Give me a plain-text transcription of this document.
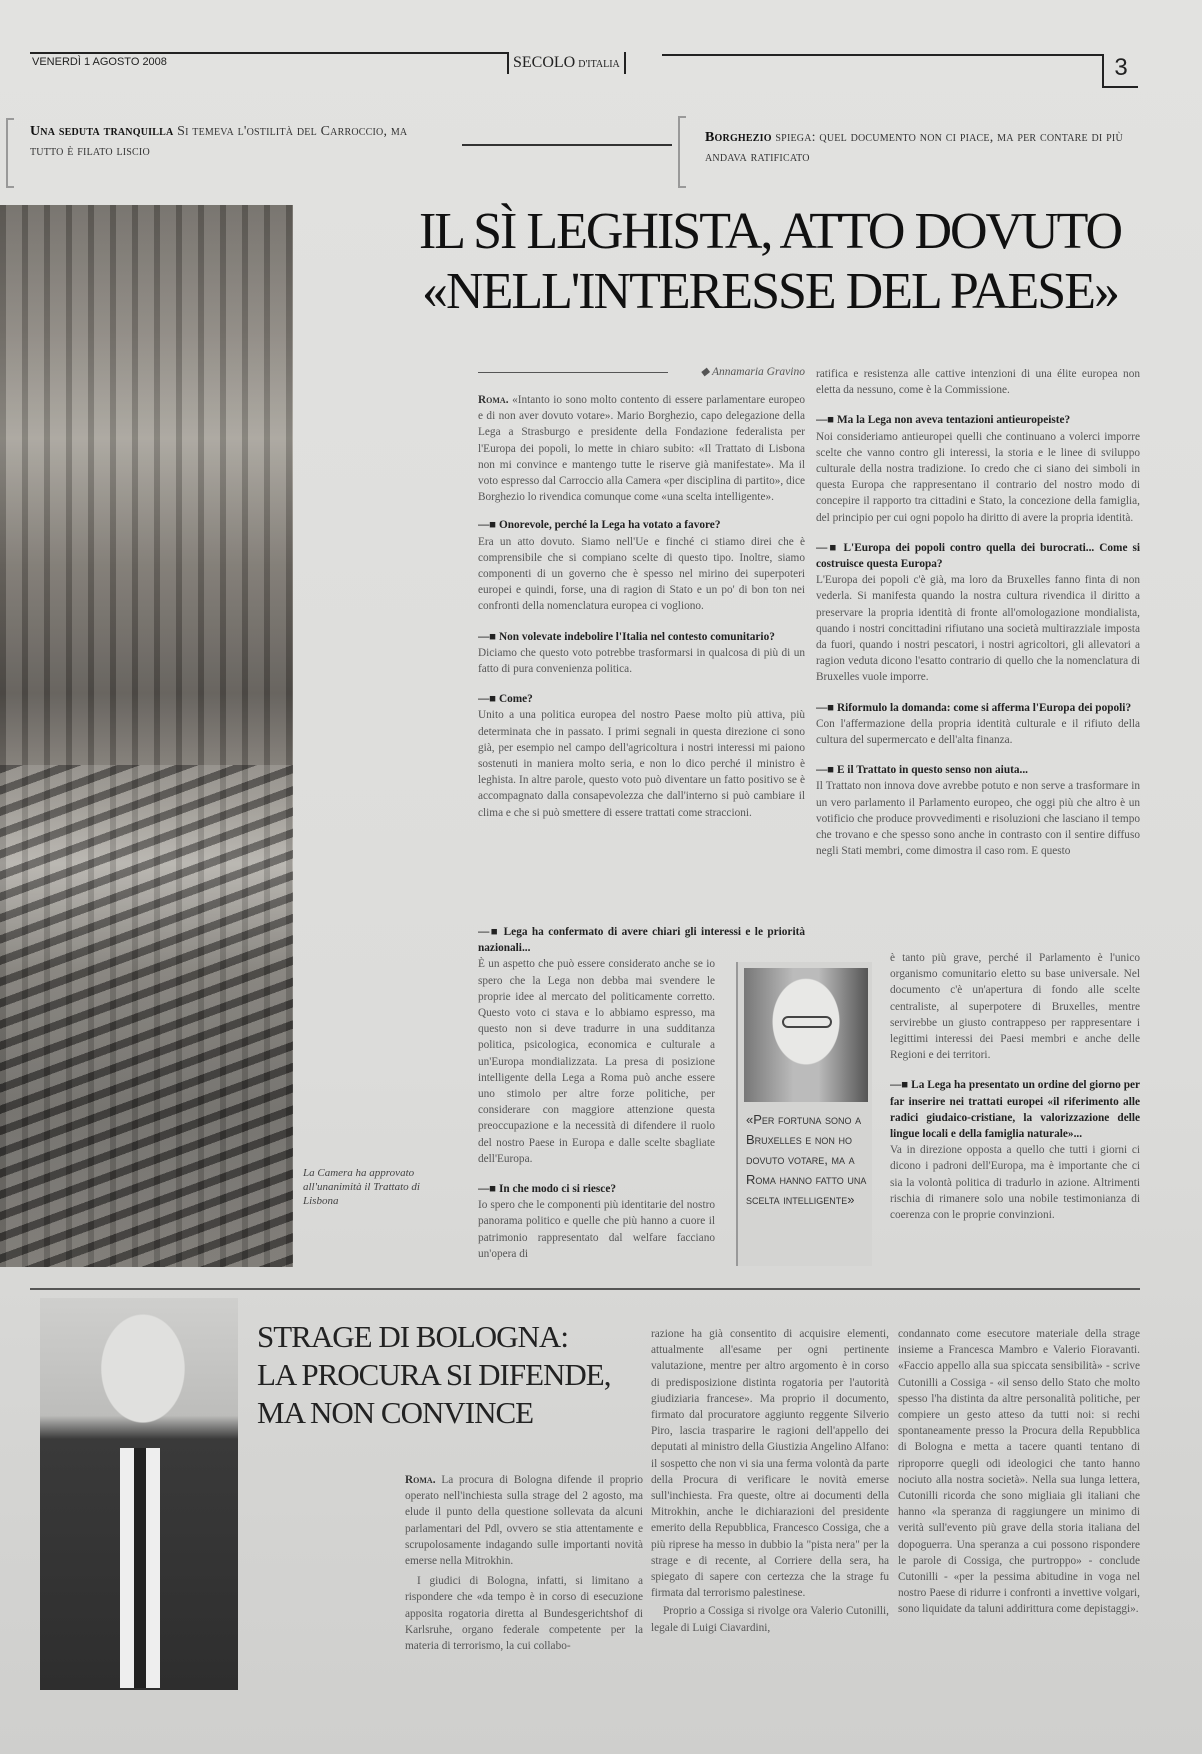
VENERDÌ 1 AGOSTO 2008	SECOLO D'ITALIA	3
Una seduta tranquilla Si temeva l'ostilità del Carroccio, ma tutto è filato liscio
Borghezio spiega: quel documento non ci piace, ma per contare di più andava ratificato
La Camera ha approvato all'unanimità il Trattato di Lisbona
IL SÌ LEGHISTA, ATTO DOVUTO
«NELL'INTERESSE DEL PAESE»
◆ Annamaria Gravino

Roma. «Intanto io sono molto contento di essere parlamentare europeo e di non aver dovuto votare». Mario Borghezio, capo delegazione della Lega a Strasburgo e presidente della Fondazione federalista per l'Europa dei popoli, lo mette in chiaro subito: «Il Trattato di Lisbona non mi convince e mantengo tutte le riserve già manifestate». Ma il voto espresso dal Carroccio alla Camera «per disciplina di partito», dice Borghezio lo rivendica comunque come «una scelta intelligente».

—■ Onorevole, perché la Lega ha votato a favore?

Era un atto dovuto. Siamo nell'Ue e finché ci stiamo direi che è comprensibile che si compiano scelte di questo tipo. Inoltre, siamo componenti di un governo che è spesso nel mirino dei superpoteri europei e quindi, forse, una di ragion di Stato e un po' di bon ton nei confronti della nomenclatura europea ci vogliono.

—■ Non volevate indebolire l'Italia nel contesto comunitario?

Diciamo che questo voto potrebbe trasformarsi in qualcosa di più di un fatto di pura convenienza politica.

—■ Come?

Unito a una politica europea del nostro Paese molto più attiva, più determinata che in passato. I primi segnali in questa direzione ci sono già, per esempio nel campo dell'agricoltura i nostri interessi mi paiono sostenuti in maniera molto seria, e non lo dico perché il ministro è leghista. In altre parole, questo voto può diventare un fatto positivo se è accompagnato dalla consapevolezza che dall'interno si può cambiare il clima e che si può smettere di essere trattati come straccioni.

—■ Lega ha confermato di avere chiari gli interessi e le priorità nazionali...

È un aspetto che può essere considerato anche se io spero che la Lega non debba mai svendere le proprie idee al mercato del politicamente corretto. Questo voto ci stava e lo abbiamo espresso, ma questo non si deve tradurre in una sudditanza politica, psicologica, economica e culturale a un'Europa mondializzata. La presa di posizione intelligente della Lega a Roma può anche essere uno stimolo per altre forze politiche, per considerare con maggiore attenzione questa preoccupazione e la necessità di difendere il ruolo del nostro Paese in Europa e dalle scelte sbagliate dell'Europa.

—■ In che modo ci si riesce?

Io spero che le componenti più identitarie del nostro panorama politico e quelle che più hanno a cuore il patrimonio rappresentato dal welfare facciano un'opera di

ratifica e resistenza alle cattive intenzioni di una élite europea non eletta da nessuno, come è la Commissione.

—■ Ma la Lega non aveva tentazioni antieuropeiste?

Noi consideriamo antieuropei quelli che continuano a volerci imporre scelte che vanno contro gli interessi, la storia e le linee di sviluppo culturale della nostra tradizione. Io credo che ci siano dei simboli in questa Europa che rappresentano il contrario del nostro modo di concepire il rapporto tra cittadini e Stato, la concezione della famiglia, del principio per cui ogni popolo ha diritto di avere la propria identità.

—■ L'Europa dei popoli contro quella dei burocrati... Come si costruisce questa Europa?

L'Europa dei popoli c'è già, ma loro da Bruxelles fanno finta di non vederla. Si manifesta quando la nostra cultura rivendica il diritto a preservare la propria identità di fronte all'omologazione mondialista, quando i nostri concittadini rifiutano una società multirazziale imposta da fuori, quando i nostri pescatori, i nostri agricoltori, gli allevatori a ragion veduta dicono l'esatto contrario di quello che la nomenclatura di Bruxelles vuole imporre.

—■ Riformulo la domanda: come si afferma l'Europa dei popoli?

Con l'affermazione della propria identità culturale e il rifiuto della cultura del supermercato e dell'alta finanza.

—■ E il Trattato in questo senso non aiuta...

Il Trattato non innova dove avrebbe potuto e non serve a trasformare in un vero parlamento il Parlamento europeo, che oggi più che altro è un votificio che produce provvedimenti e risoluzioni che lasciano il tempo che trovano e che spesso sono anche in contrasto con il sentire diffuso negli Stati membri, come dimostra il caso rom. E questo

è tanto più grave, perché il Parlamento è l'unico organismo comunitario eletto su base universale. Nel documento c'è un'apertura di fondo alle scelte centraliste, al superpotere di Bruxelles, mentre servirebbe un giusto contrappeso per rappresentare i legittimi interessi dei Paesi membri e anche delle Regioni e dei territori.

—■ La Lega ha presentato un ordine del giorno per far inserire nei trattati europei «il riferimento alle radici giudaico-cristiane, la valorizzazione delle lingue locali e della famiglia naturale»...

Va in direzione opposta a quello che tutti i giorni ci dicono i padroni dell'Europa, ma è importante che ci sia la volontà politica di tradurlo in azione. Altrimenti rischia di rimanere solo una nobile testimonianza di coerenza con le proprie convinzioni.

«Per fortuna sono a Bruxelles e non ho dovuto votare, ma a Roma hanno fatto una scelta intelligente»
STRAGE DI BOLOGNA:
LA PROCURA SI DIFENDE,
MA NON CONVINCE

Roma. La procura di Bologna difende il proprio operato nell'inchiesta sulla strage del 2 agosto, ma elude il punto della questione sollevata da alcuni parlamentari del Pdl, ovvero se stia attentamente e scrupolosamente indagando sulle importanti novità emerse nella Mitrokhin.

I giudici di Bologna, infatti, si limitano a rispondere che «da tempo è in corso di esecuzione apposita rogatoria diretta al Bundesgerichtshof di Karlsruhe, organo federale competente per la materia di terrorismo, la cui collabo-

razione ha già consentito di acquisire elementi, attualmente all'esame per ogni pertinente valutazione, mentre per altro argomento è in corso di predisposizione distinta rogatoria per l'autorità giudiziaria francese». Ma proprio il documento, firmato dal procuratore aggiunto reggente Silverio Piro, lascia trasparire le ragioni dell'appello dei deputati al ministro della Giustizia Angelino Alfano: il sospetto che non vi sia una ferma volontà da parte della Procura di verificare le novità emerse sull'inchiesta. Fra queste, oltre ai documenti della Mitrokhin, anche le dichiarazioni del presidente emerito della Repubblica, Francesco Cossiga, che a più riprese ha messo in dubbio la "pista nera" per la strage e di recente, al Corriere della sera, ha spiegato di sapere con certezza che la strage fu firmata dal terrorismo palestinese.

Proprio a Cossiga si rivolge ora Valerio Cutonilli, legale di Luigi Ciavardini,

condannato come esecutore materiale della strage insieme a Francesca Mambro e Valerio Fioravanti. «Faccio appello alla sua spiccata sensibilità» - scrive Cutonilli a Cossiga - «il senso dello Stato che molto spesso l'ha distinta da altre personalità politiche, per compiere un gesto atteso da tutti noi: si rechi spontaneamente presso la Procura della Repubblica di Bologna e metta a tacere quanti tentano di riproporre quegli odi ideologici che tanto hanno nociuto alla nostra società». Nella sua lunga lettera, Cutonilli ricorda che sono migliaia gli italiani che hanno «la speranza di raggiungere un minimo di verità sull'evento più grave della storia italiana del dopoguerra. Una speranza a cui possono rispondere le parole di Cossiga, che purtroppo» - conclude Cutonilli - «per la pessima abitudine in voga nel nostro Paese di ridurre i confronti a invettive volgari, sono liquidate da taluni addirittura come depistaggi».
